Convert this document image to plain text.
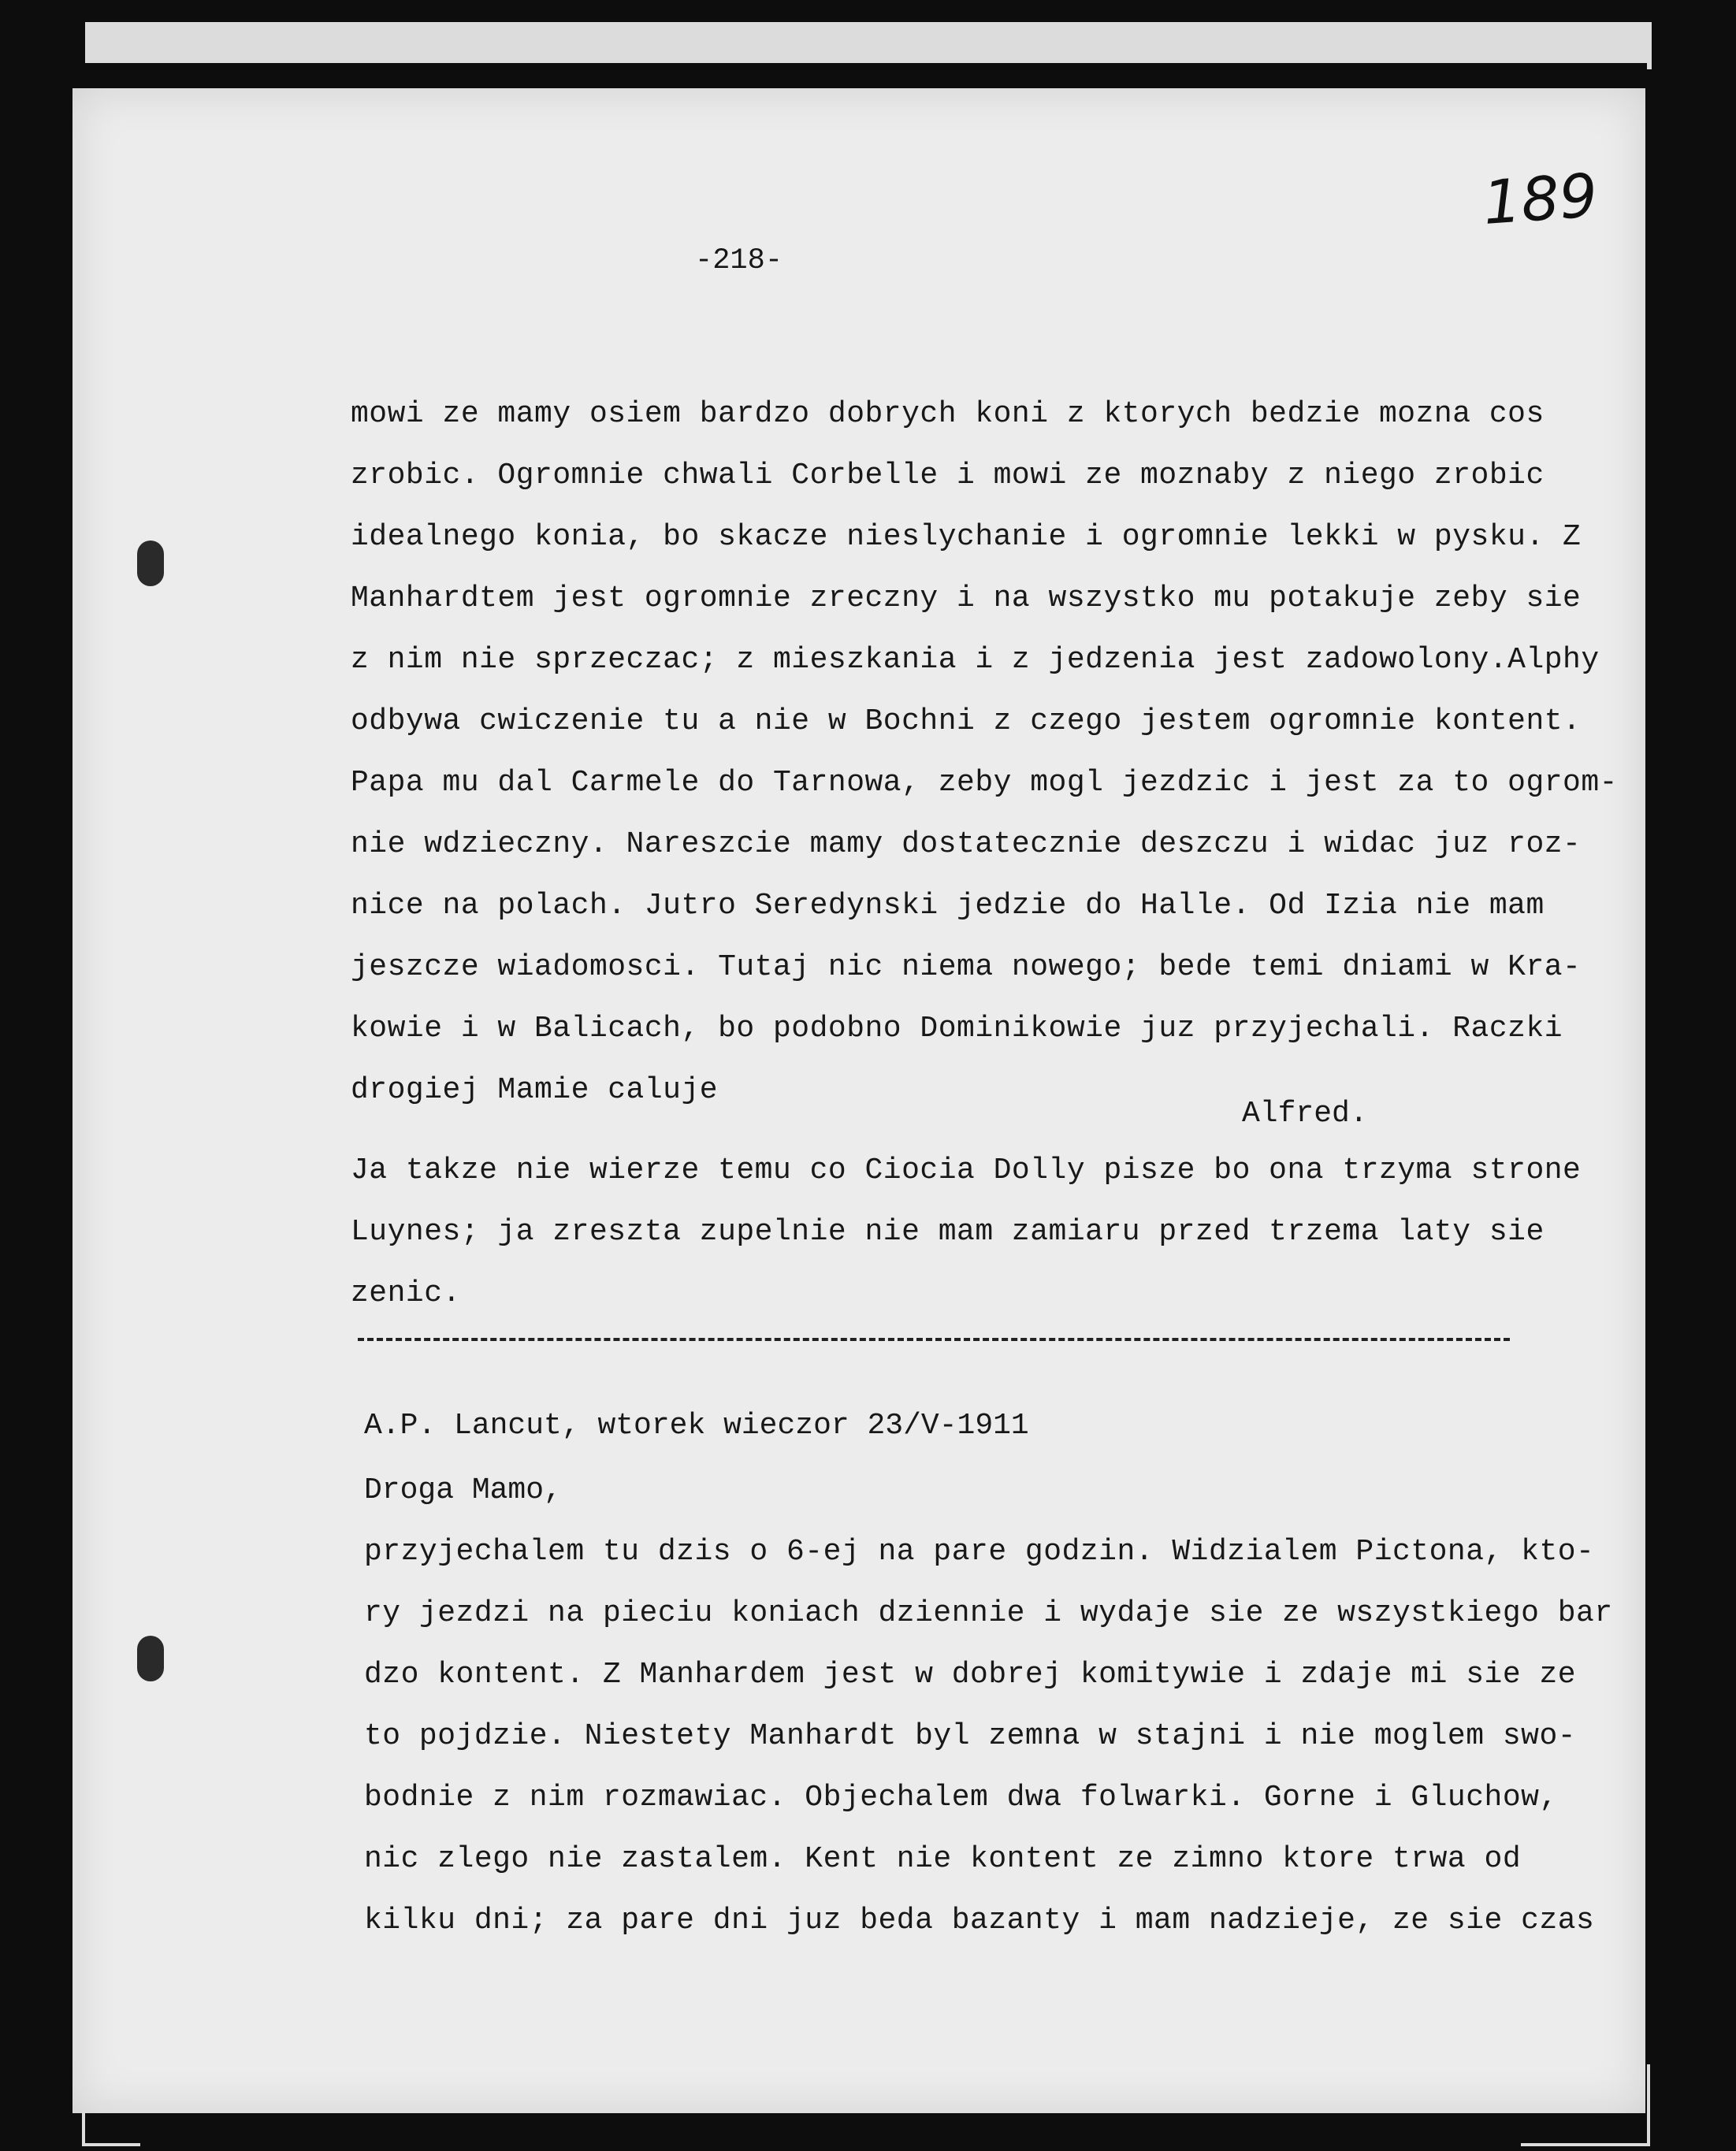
189
-218-
mowi ze mamy osiem bardzo dobrych koni z ktorych bedzie mozna cos
zrobic. Ogromnie chwali Corbelle i mowi ze moznaby z niego zrobic
idealnego konia, bo skacze nieslychanie i ogromnie lekki w pysku. Z
Manhardtem jest ogromnie zreczny i na wszystko mu potakuje zeby sie
z nim nie sprzeczac; z mieszkania i z jedzenia jest zadowolony.Alphy
odbywa cwiczenie tu a nie w Bochni z czego jestem ogromnie kontent.
Papa mu dal Carmele do Tarnowa, zeby mogl jezdzic i jest za to ogrom-
nie wdzieczny. Nareszcie mamy dostatecznie deszczu i widac juz roz-
nice na polach. Jutro Seredynski jedzie do Halle. Od Izia nie mam
jeszcze wiadomosci. Tutaj nic niema nowego; bede temi dniami w Kra-
kowie i w Balicach, bo podobno Dominikowie juz przyjechali. Raczki
drogiej Mamie caluje
Alfred.
Ja takze nie wierze temu co Ciocia Dolly pisze bo ona trzyma strone
Luynes; ja zreszta zupelnie nie mam zamiaru przed trzema laty sie
zenic.
A.P. Lancut, wtorek wieczor 23/V-1911
Droga Mamo,
przyjechalem tu dzis o 6-ej na pare godzin. Widzialem Pictona, kto-
ry jezdzi na pieciu koniach dziennie i wydaje sie ze wszystkiego bar
dzo kontent. Z Manhardem jest w dobrej komitywie i zdaje mi sie ze
to pojdzie. Niestety Manhardt byl zemna w stajni i nie moglem swo-
bodnie z nim rozmawiac. Objechalem dwa folwarki. Gorne i Gluchow,
nic zlego nie zastalem. Kent nie kontent ze zimno ktore trwa od
kilku dni; za pare dni juz beda bazanty i mam nadzieje, ze sie czas
